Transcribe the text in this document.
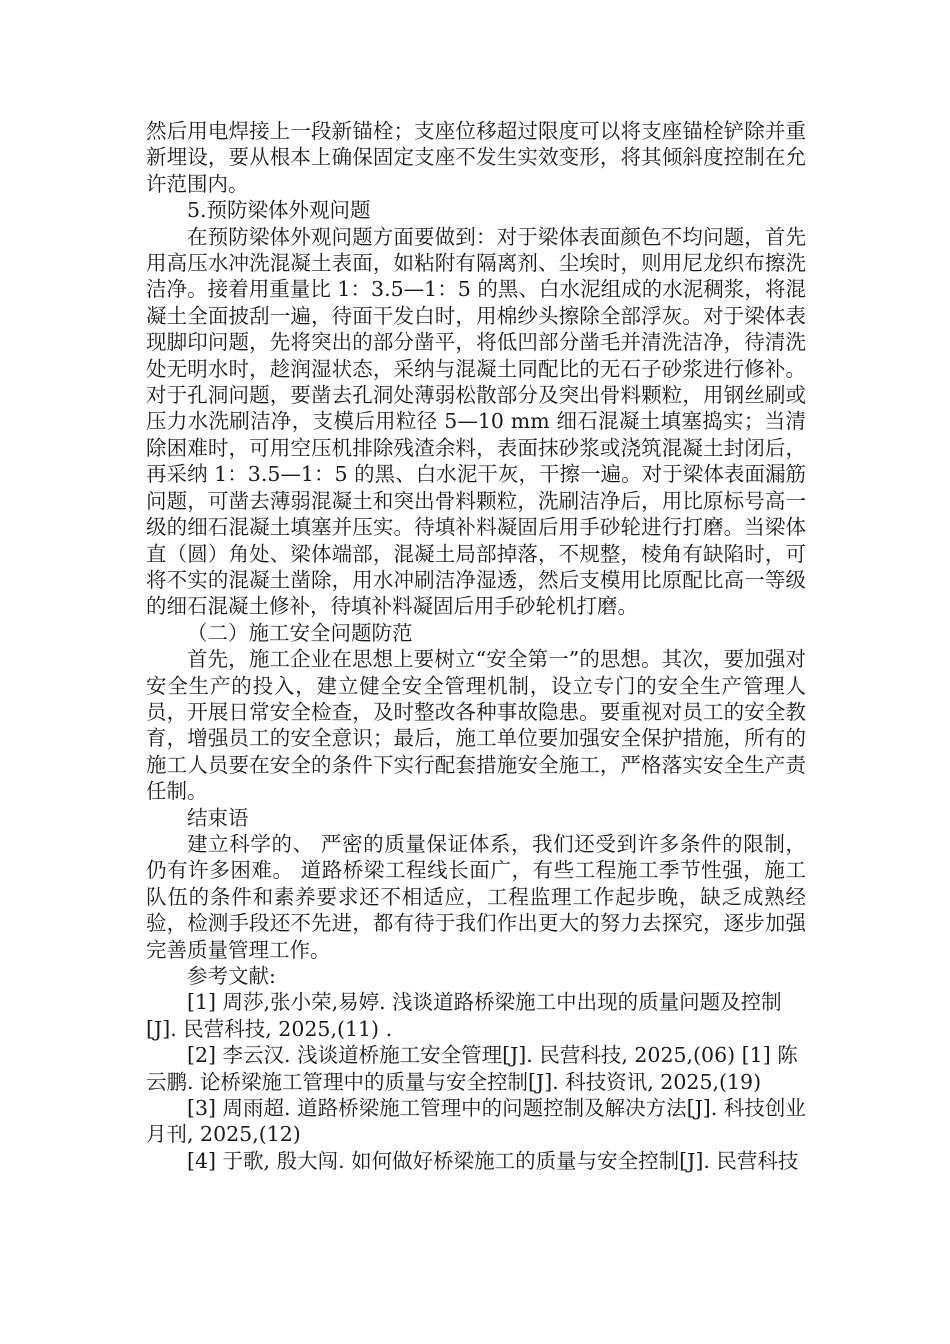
然后用电焊接上一段新锚栓；支座位移超过限度可以将支座锚栓铲除并重新埋设，要从根本上确保固定支座不发生实效变形，将其倾斜度控制在允许范围内。

5.预防梁体外观问题

在预防梁体外观问题方面要做到：对于梁体表面颜色不均问题，首先用高压水冲洗混凝土表面，如粘附有隔离剂、尘埃时，则用尼龙织布擦洗洁净。接着用重量比 1：3.5—1：5 的黑、白水泥组成的水泥稠浆，将混凝土全面披刮一遍，待面干发白时，用棉纱头擦除全部浮灰。对于梁体表现脚印问题，先将突出的部分凿平，将低凹部分凿毛并清洗洁净，待清洗处无明水时，趁润湿状态，采纳与混凝土同配比的无石子砂浆进行修补。对于孔洞问题，要凿去孔洞处薄弱松散部分及突出骨料颗粒，用钢丝刷或压力水洗刷洁净，支模后用粒径 5—10 mm 细石混凝土填塞捣实；当清除困难时，可用空压机排除残渣余料，表面抹砂浆或浇筑混凝土封闭后，再采纳 1：3.5—1：5 的黑、白水泥干灰，干擦一遍。对于梁体表面漏筋问题，可凿去薄弱混凝土和突出骨料颗粒，洗刷洁净后，用比原标号高一级的细石混凝土填塞并压实。待填补料凝固后用手砂轮进行打磨。当梁体直（圆）角处、梁体端部，混凝土局部掉落，不规整，棱角有缺陷时，可将不实的混凝土凿除，用水冲刷洁净湿透，然后支模用比原配比高一等级的细石混凝土修补，待填补料凝固后用手砂轮机打磨。

（二）施工安全问题防范

首先，施工企业在思想上要树立“安全第一”的思想。其次，要加强对安全生产的投入，建立健全安全管理机制，设立专门的安全生产管理人员，开展日常安全检查，及时整改各种事故隐患。要重视对员工的安全教育，增强员工的安全意识；最后，施工单位要加强安全保护措施，所有的施工人员要在安全的条件下实行配套措施安全施工，严格落实安全生产责任制。

结束语

建立科学的、 严密的质量保证体系，我们还受到许多条件的限制，仍有许多困难。 道路桥梁工程线长面广，有些工程施工季节性强，施工队伍的条件和素养要求还不相适应，工程监理工作起步晚，缺乏成熟经验，检测手段还不先进，都有待于我们作出更大的努力去探究，逐步加强完善质量管理工作。

参考文献:

[1] 周莎,张小荣,易婷. 浅谈道路桥梁施工中出现的质量问题及控制[J]. 民营科技, 2025,(11) .

[2] 李云汉. 浅谈道桥施工安全管理[J]. 民营科技, 2025,(06) [1] 陈云鹏. 论桥梁施工管理中的质量与安全控制[J]. 科技资讯, 2025,(19)

[3] 周雨超. 道路桥梁施工管理中的问题控制及解决方法[J]. 科技创业月刊, 2025,(12)

[4] 于歌, 殷大闯. 如何做好桥梁施工的质量与安全控制[J]. 民营科技
